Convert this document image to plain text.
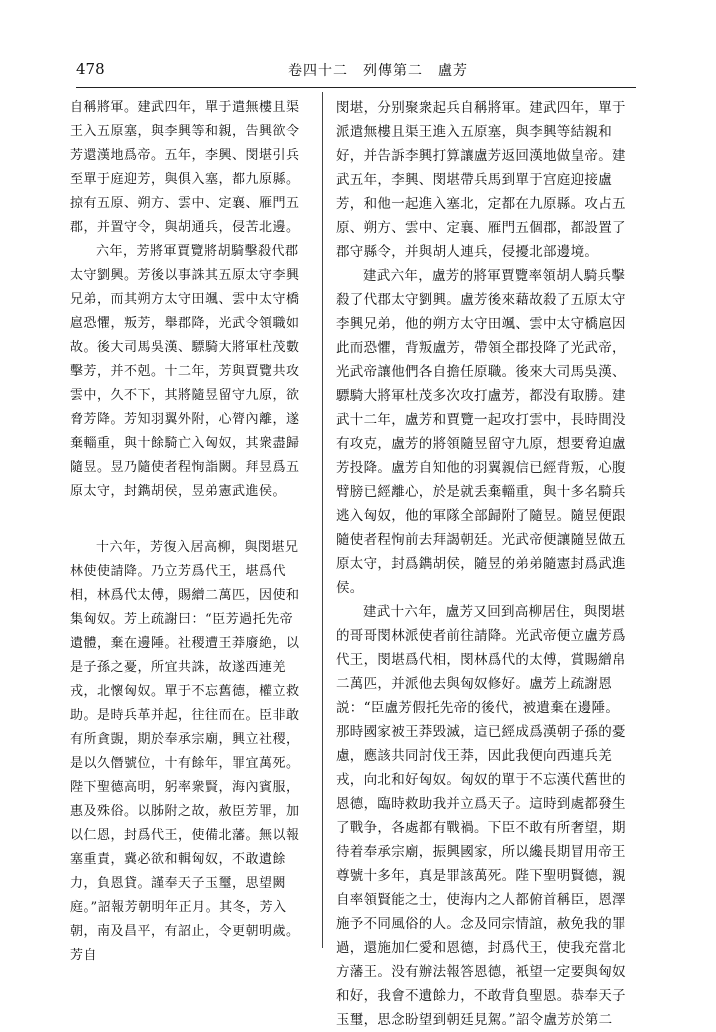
478	卷四十二　列傳第二　盧芳

自稱將軍。建武四年，單于遣無樓且渠王入五原塞，與李興等和親，告興欲令芳還漢地爲帝。五年，李興、閔堪引兵至單于庭迎芳，與俱入塞，都九原縣。掠有五原、朔方、雲中、定襄、雁門五郡，并置守令，與胡通兵，侵苦北邊。

六年，芳將軍賈覽將胡騎擊殺代郡太守劉興。芳後以事誅其五原太守李興兄弟，而其朔方太守田颯、雲中太守橋扈恐懼，叛芳，舉郡降，光武令領職如故。後大司馬吳漢、驃騎大將軍杜茂數擊芳，并不剋。十二年，芳與賈覽共攻雲中，久不下，其將隨昱留守九原，欲脅芳降。芳知羽翼外附，心膂內離，遂棄輜重，與十餘騎亡入匈奴，其衆盡歸隨昱。昱乃隨使者程恂詣闕。拜昱爲五原太守，封鐫胡侯，昱弟憲武進侯。

十六年，芳復入居高柳，與閔堪兄林使使請降。乃立芳爲代王，堪爲代相，林爲代太傅，賜繒二萬匹，因使和集匈奴。芳上疏謝曰：“臣芳過托先帝遺體，棄在邊陲。社稷遭王莽廢絶，以是子孫之憂，所宜共誅，故遂西連羌戎，北懷匈奴。單于不忘舊德，權立救助。是時兵革并起，往往而在。臣非敢有所貪覬，期於奉承宗廟，興立社稷，是以久僭號位，十有餘年，罪宜萬死。陛下聖德高明，躬率衆賢，海內賓服，惠及殊俗。以胏附之故，赦臣芳罪，加以仁恩，封爲代王，使備北藩。無以報塞重責，冀必欲和輯匈奴，不敢遺餘力，負恩貸。謹奉天子玉璽，思望闕庭。”詔報芳朝明年正月。其冬，芳入朝，南及昌平，有詔止，令更朝明歲。芳自

閔堪，分别聚衆起兵自稱將軍。建武四年，單于派遣無樓且渠王進入五原塞，與李興等結親和好，并告訴李興打算讓盧芳返回漢地做皇帝。建武五年，李興、閔堪帶兵馬到單于宫庭迎接盧芳，和他一起進入塞北，定都在九原縣。攻占五原、朔方、雲中、定襄、雁門五個郡，都設置了郡守縣令，并與胡人連兵，侵擾北部邊境。

建武六年，盧芳的將軍賈覽率領胡人騎兵擊殺了代郡太守劉興。盧芳後來藉故殺了五原太守李興兄弟，他的朔方太守田颯、雲中太守橋扈因此而恐懼，背叛盧芳，帶領全郡投降了光武帝，光武帝讓他們各自擔任原職。後來大司馬吳漢、驃騎大將軍杜茂多次攻打盧芳，都没有取勝。建武十二年，盧芳和賈覽一起攻打雲中，長時間没有攻克，盧芳的將領隨昱留守九原，想要脅迫盧芳投降。盧芳自知他的羽翼親信已經背叛，心腹臂膀已經離心，於是就丢棄輜重，與十多名騎兵逃入匈奴，他的軍隊全部歸附了隨昱。隨昱便跟隨使者程恂前去拜謁朝廷。光武帝便讓隨昱做五原太守，封爲鐫胡侯，隨昱的弟弟隨憲封爲武進侯。

建武十六年，盧芳又回到高柳居住，與閔堪的哥哥閔林派使者前往請降。光武帝便立盧芳爲代王，閔堪爲代相，閔林爲代的太傅，賞賜繒帛二萬匹，并派他去與匈奴修好。盧芳上疏謝恩説：“臣盧芳假托先帝的後代，被遺棄在邊陲。那時國家被王莽毁滅，這已經成爲漢朝子孫的憂慮，應該共同討伐王莽，因此我便向西連兵羌戎，向北和好匈奴。匈奴的單于不忘漢代舊世的恩德，臨時救助我并立爲天子。這時到處都發生了戰争，各處都有戰禍。下臣不敢有所奢望，期待着奉承宗廟，振興國家，所以纔長期冒用帝王尊號十多年，真是罪該萬死。陛下聖明賢德，親自率領賢能之士，使海内之人都俯首稱臣，恩澤施予不同風俗的人。念及同宗情誼，赦免我的罪過，還施加仁愛和恩德，封爲代王，使我充當北方藩王。没有辦法報答恩德，衹望一定要與匈奴和好，我會不遺餘力，不敢背負聖恩。恭奉天子玉璽，思念盼望到朝廷見駕。”詔令盧芳於第二
